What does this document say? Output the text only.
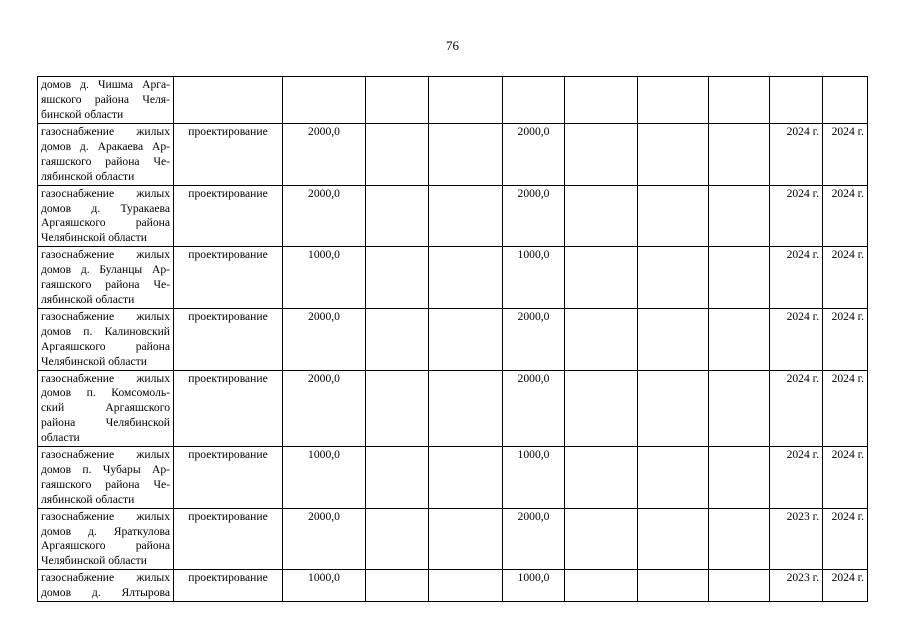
76
домов д. Чишма Арга-
яшского района Челя-
бинской области										

газоснабжение жилых
домов д. Аракаева Ар-
гаяшского района Че-
лябинской области	проектирование	2000,0			2000,0				2024 г.	2024 г.

газоснабжение жилых
домов д. Туракаева
Аргаяшского района
Челябинской области	проектирование	2000,0			2000,0				2024 г.	2024 г.

газоснабжение жилых
домов д. Буланцы Ар-
гаяшского района Че-
лябинской области	проектирование	1000,0			1000,0				2024 г.	2024 г.

газоснабжение жилых
домов п. Калиновский
Аргаяшского района
Челябинской области	проектирование	2000,0			2000,0				2024 г.	2024 г.

газоснабжение жилых
домов п. Комсомоль-
ский Аргаяшского
района Челябинской
области	проектирование	2000,0			2000,0				2024 г.	2024 г.

газоснабжение жилых
домов п. Чубары Ар-
гаяшского района Че-
лябинской области	проектирование	1000,0			1000,0				2024 г.	2024 г.

газоснабжение жилых
домов д. Яраткулова
Аргаяшского района
Челябинской области	проектирование	2000,0			2000,0				2023 г.	2024 г.

газоснабжение жилых
домов д. Ялтырова	проектирование	1000,0			1000,0				2023 г.	2024 г.
